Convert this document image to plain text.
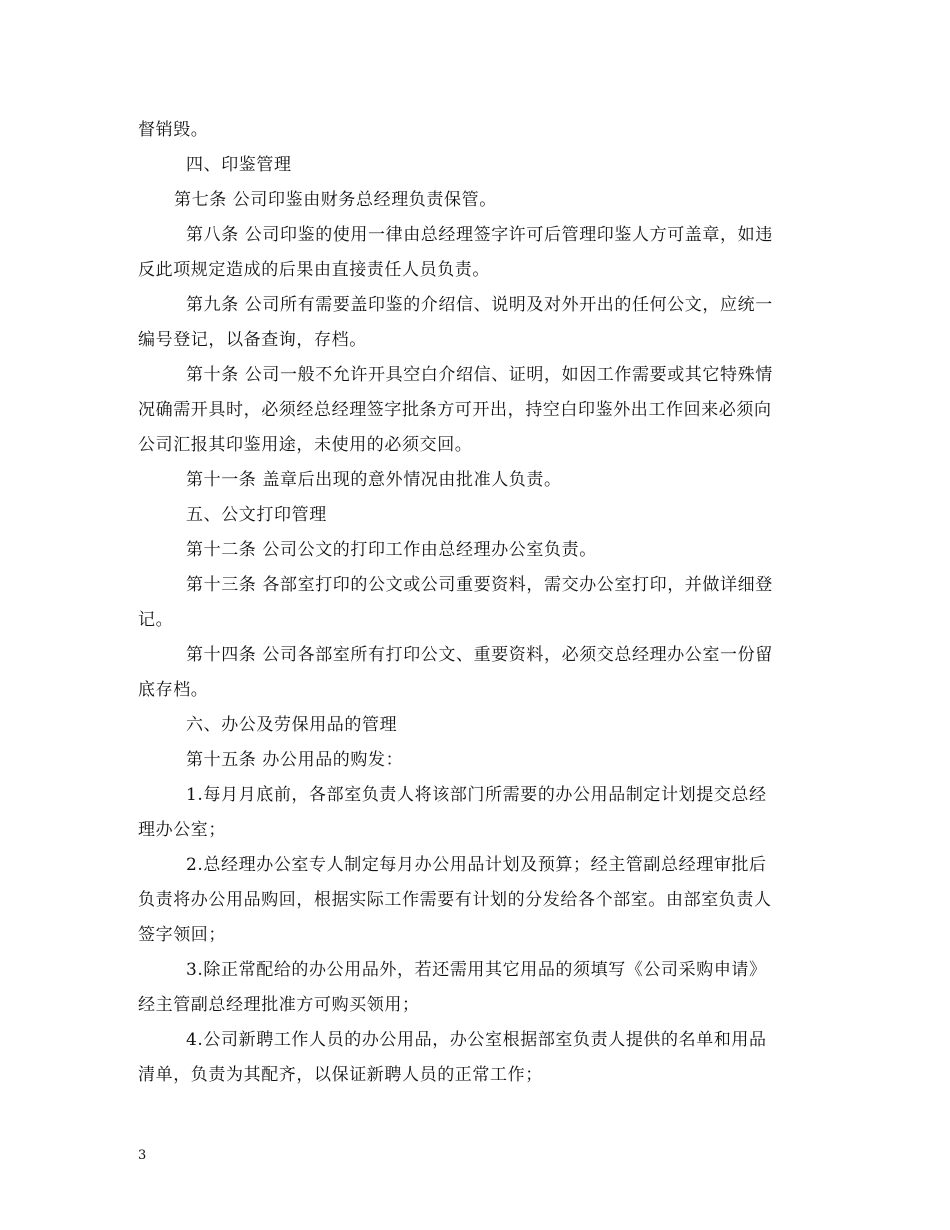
督销毁。
四、印鉴管理
第七条 公司印鉴由财务总经理负责保管。
第八条 公司印鉴的使用一律由总经理签字许可后管理印鉴人方可盖章，如违
反此项规定造成的后果由直接责任人员负责。
第九条 公司所有需要盖印鉴的介绍信、说明及对外开出的任何公文，应统一
编号登记，以备查询，存档。
第十条 公司一般不允许开具空白介绍信、证明，如因工作需要或其它特殊情
况确需开具时，必须经总经理签字批条方可开出，持空白印鉴外出工作回来必须向
公司汇报其印鉴用途，未使用的必须交回。
第十一条 盖章后出现的意外情况由批准人负责。
五、公文打印管理
第十二条 公司公文的打印工作由总经理办公室负责。
第十三条 各部室打印的公文或公司重要资料，需交办公室打印，并做详细登
记。
第十四条 公司各部室所有打印公文、重要资料，必须交总经理办公室一份留
底存档。
六、办公及劳保用品的管理
第十五条 办公用品的购发：
1.每月月底前，各部室负责人将该部门所需要的办公用品制定计划提交总经
理办公室；
2.总经理办公室专人制定每月办公用品计划及预算；经主管副总经理审批后
负责将办公用品购回，根据实际工作需要有计划的分发给各个部室。由部室负责人
签字领回；
3.除正常配给的办公用品外，若还需用其它用品的须填写《公司采购申请》
经主管副总经理批准方可购买领用；
4.公司新聘工作人员的办公用品，办公室根据部室负责人提供的名单和用品
清单，负责为其配齐，以保证新聘人员的正常工作；
3
